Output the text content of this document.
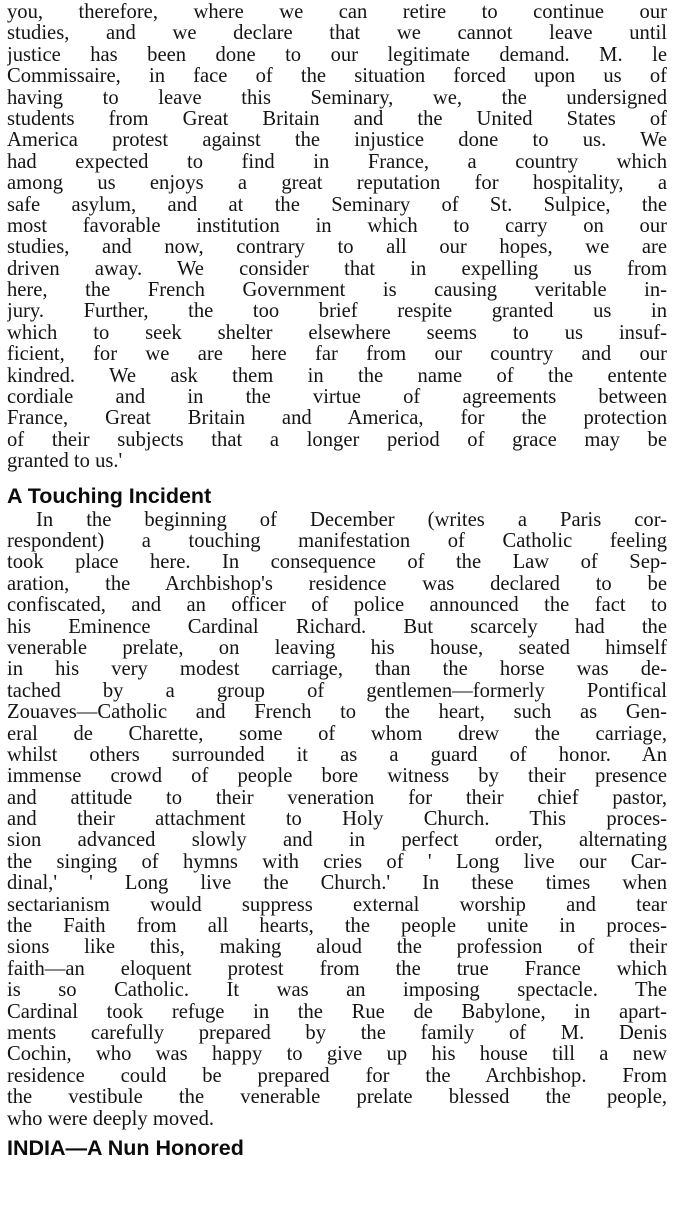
you, therefore, where we can retire to continue our
studies, and we declare that we cannot leave until
justice has been done to our legitimate demand. M. le
Commissaire, in face of the situation forced upon us of
having to leave this Seminary, we, the undersigned
students from Great Britain and the United States of
America protest against the injustice done to us. We
had expected to find in France, a country which
among us enjoys a great reputation for hospitality, a
safe asylum, and at the Seminary of St. Sulpice, the
most favorable institution in which to carry on our
studies, and now, contrary to all our hopes, we are
driven away. We consider that in expelling us from
here, the French Government is causing veritable in-
jury. Further, the too brief respite granted us in
which to seek shelter elsewhere seems to us insuf-
ficient, for we are here far from our country and our
kindred. We ask them in the name of the entente
cordiale and in the virtue of agreements between
France, Great Britain and America, for the protection
of their subjects that a longer period of grace may be
granted to us.'
A Touching Incident
In the beginning of December (writes a Paris cor-
respondent) a touching manifestation of Catholic feeling
took place here. In consequence of the Law of Sep-
aration, the Archbishop's residence was declared to be
confiscated, and an officer of police announced the fact to
his Eminence Cardinal Richard. But scarcely had the
venerable prelate, on leaving his house, seated himself
in his very modest carriage, than the horse was de-
tached by a group of gentlemen—formerly Pontifical
Zouaves—Catholic and French to the heart, such as Gen-
eral de Charette, some of whom drew the carriage,
whilst others surrounded it as a guard of honor. An
immense crowd of people bore witness by their presence
and attitude to their veneration for their chief pastor,
and their attachment to Holy Church. This proces-
sion advanced slowly and in perfect order, alternating
the singing of hymns with cries of ' Long live our Car-
dinal,' ' Long live the Church.' In these times when
sectarianism would suppress external worship and tear
the Faith from all hearts, the people unite in proces-
sions like this, making aloud the profession of their
faith—an eloquent protest from the true France which
is so Catholic. It was an imposing spectacle. The
Cardinal took refuge in the Rue de Babylone, in apart-
ments carefully prepared by the family of M. Denis
Cochin, who was happy to give up his house till a new
residence could be prepared for the Archbishop. From
the vestibule the venerable prelate blessed the people,
who were deeply moved.
INDIA—A Nun Honored
